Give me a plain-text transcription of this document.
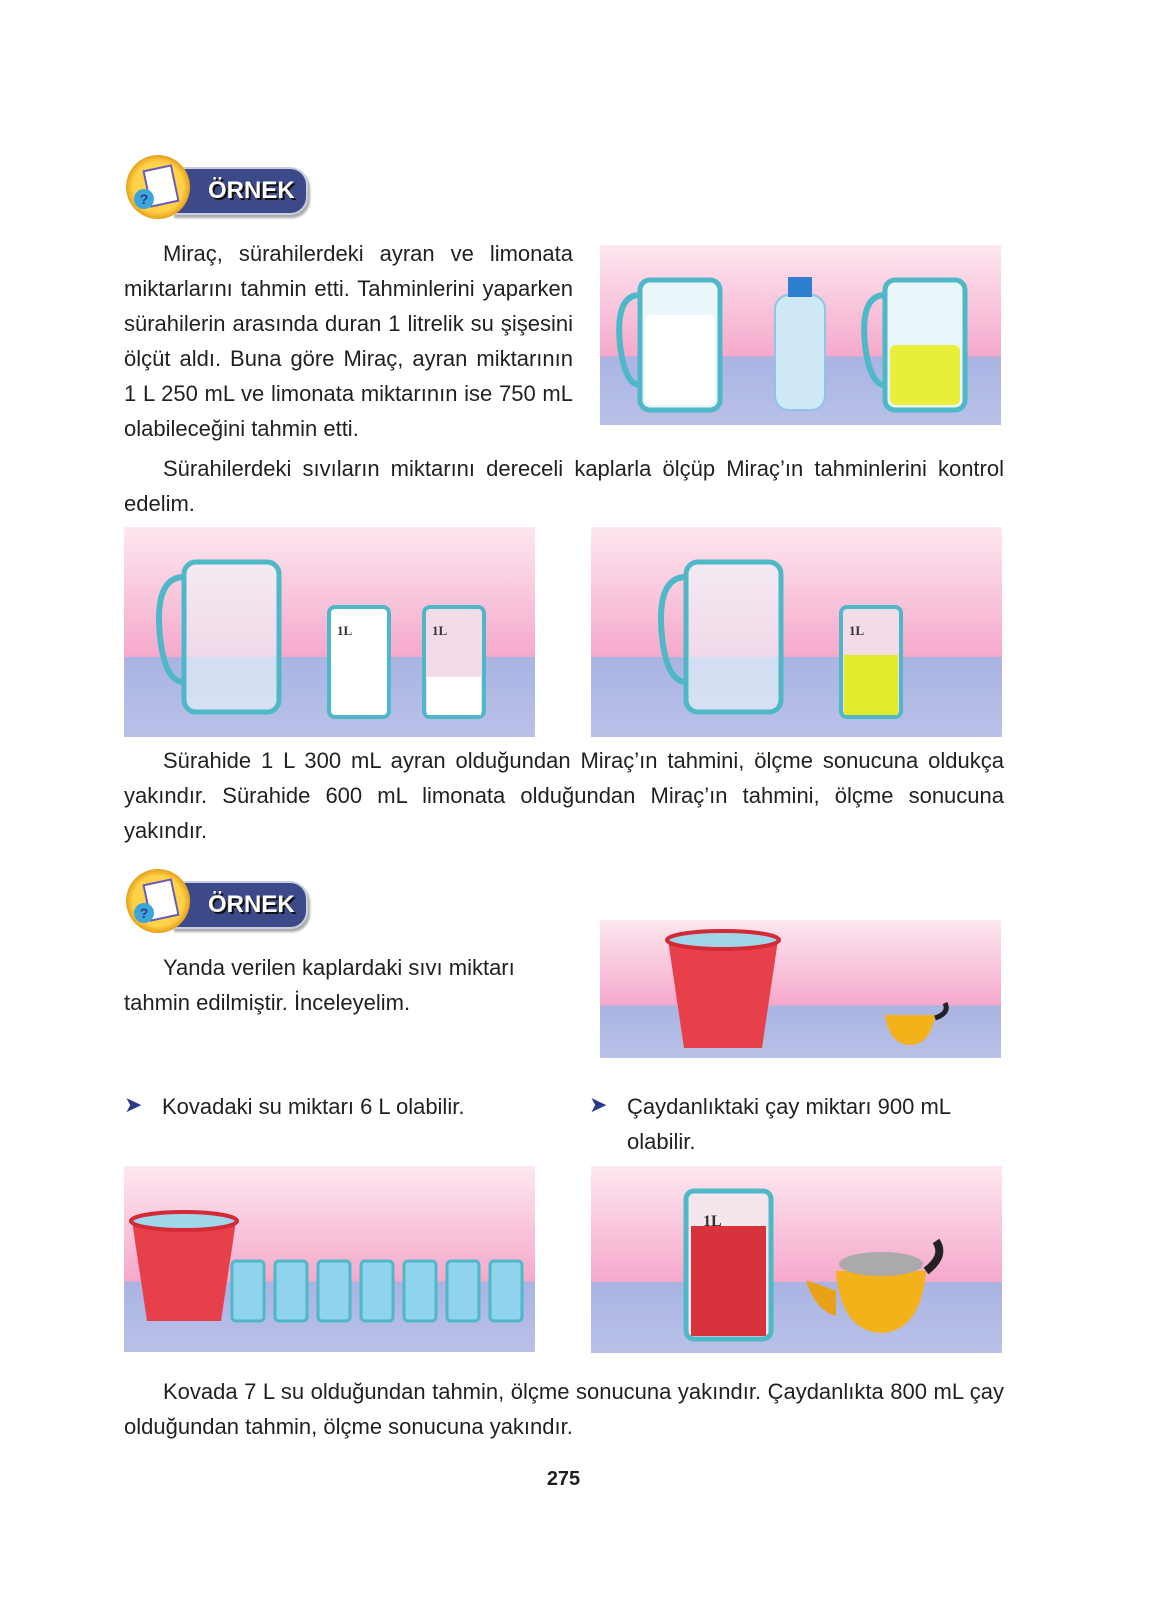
ÖRNEK
?

Miraç, sürahilerdeki ayran ve limonata miktarlarını tahmin etti. Tahminlerini yaparken sürahilerin arasında duran 1 litrelik su şişesini ölçüt aldı. Buna göre Miraç, ayran miktarının 1 L 250 mL ve limonata miktarının ise 750 mL olabileceğini tahmin etti.

Sürahilerdeki sıvıların miktarını dereceli kaplarla ölçüp Miraç’ın tahminlerini kontrol edelim.

1L	1L	1L

Sürahide 1 L 300 mL ayran olduğundan Miraç’ın tahmini, ölçme sonucuna oldukça yakındır. Sürahide 600 mL limonata olduğundan Miraç’ın tahmini, ölçme sonucuna yakındır.

ÖRNEK
?

Yanda verilen kaplardaki sıvı miktarı tahmin edilmiştir. İnceleyelim.

➤ Kovadaki su miktarı 6 L olabilir.	➤ Çaydanlıktaki çay miktarı 900 mL olabilir.
1L

Kovada 7 L su olduğundan tahmin, ölçme sonucuna yakındır. Çaydanlıkta 800 mL çay olduğundan tahmin, ölçme sonucuna yakındır.

275
